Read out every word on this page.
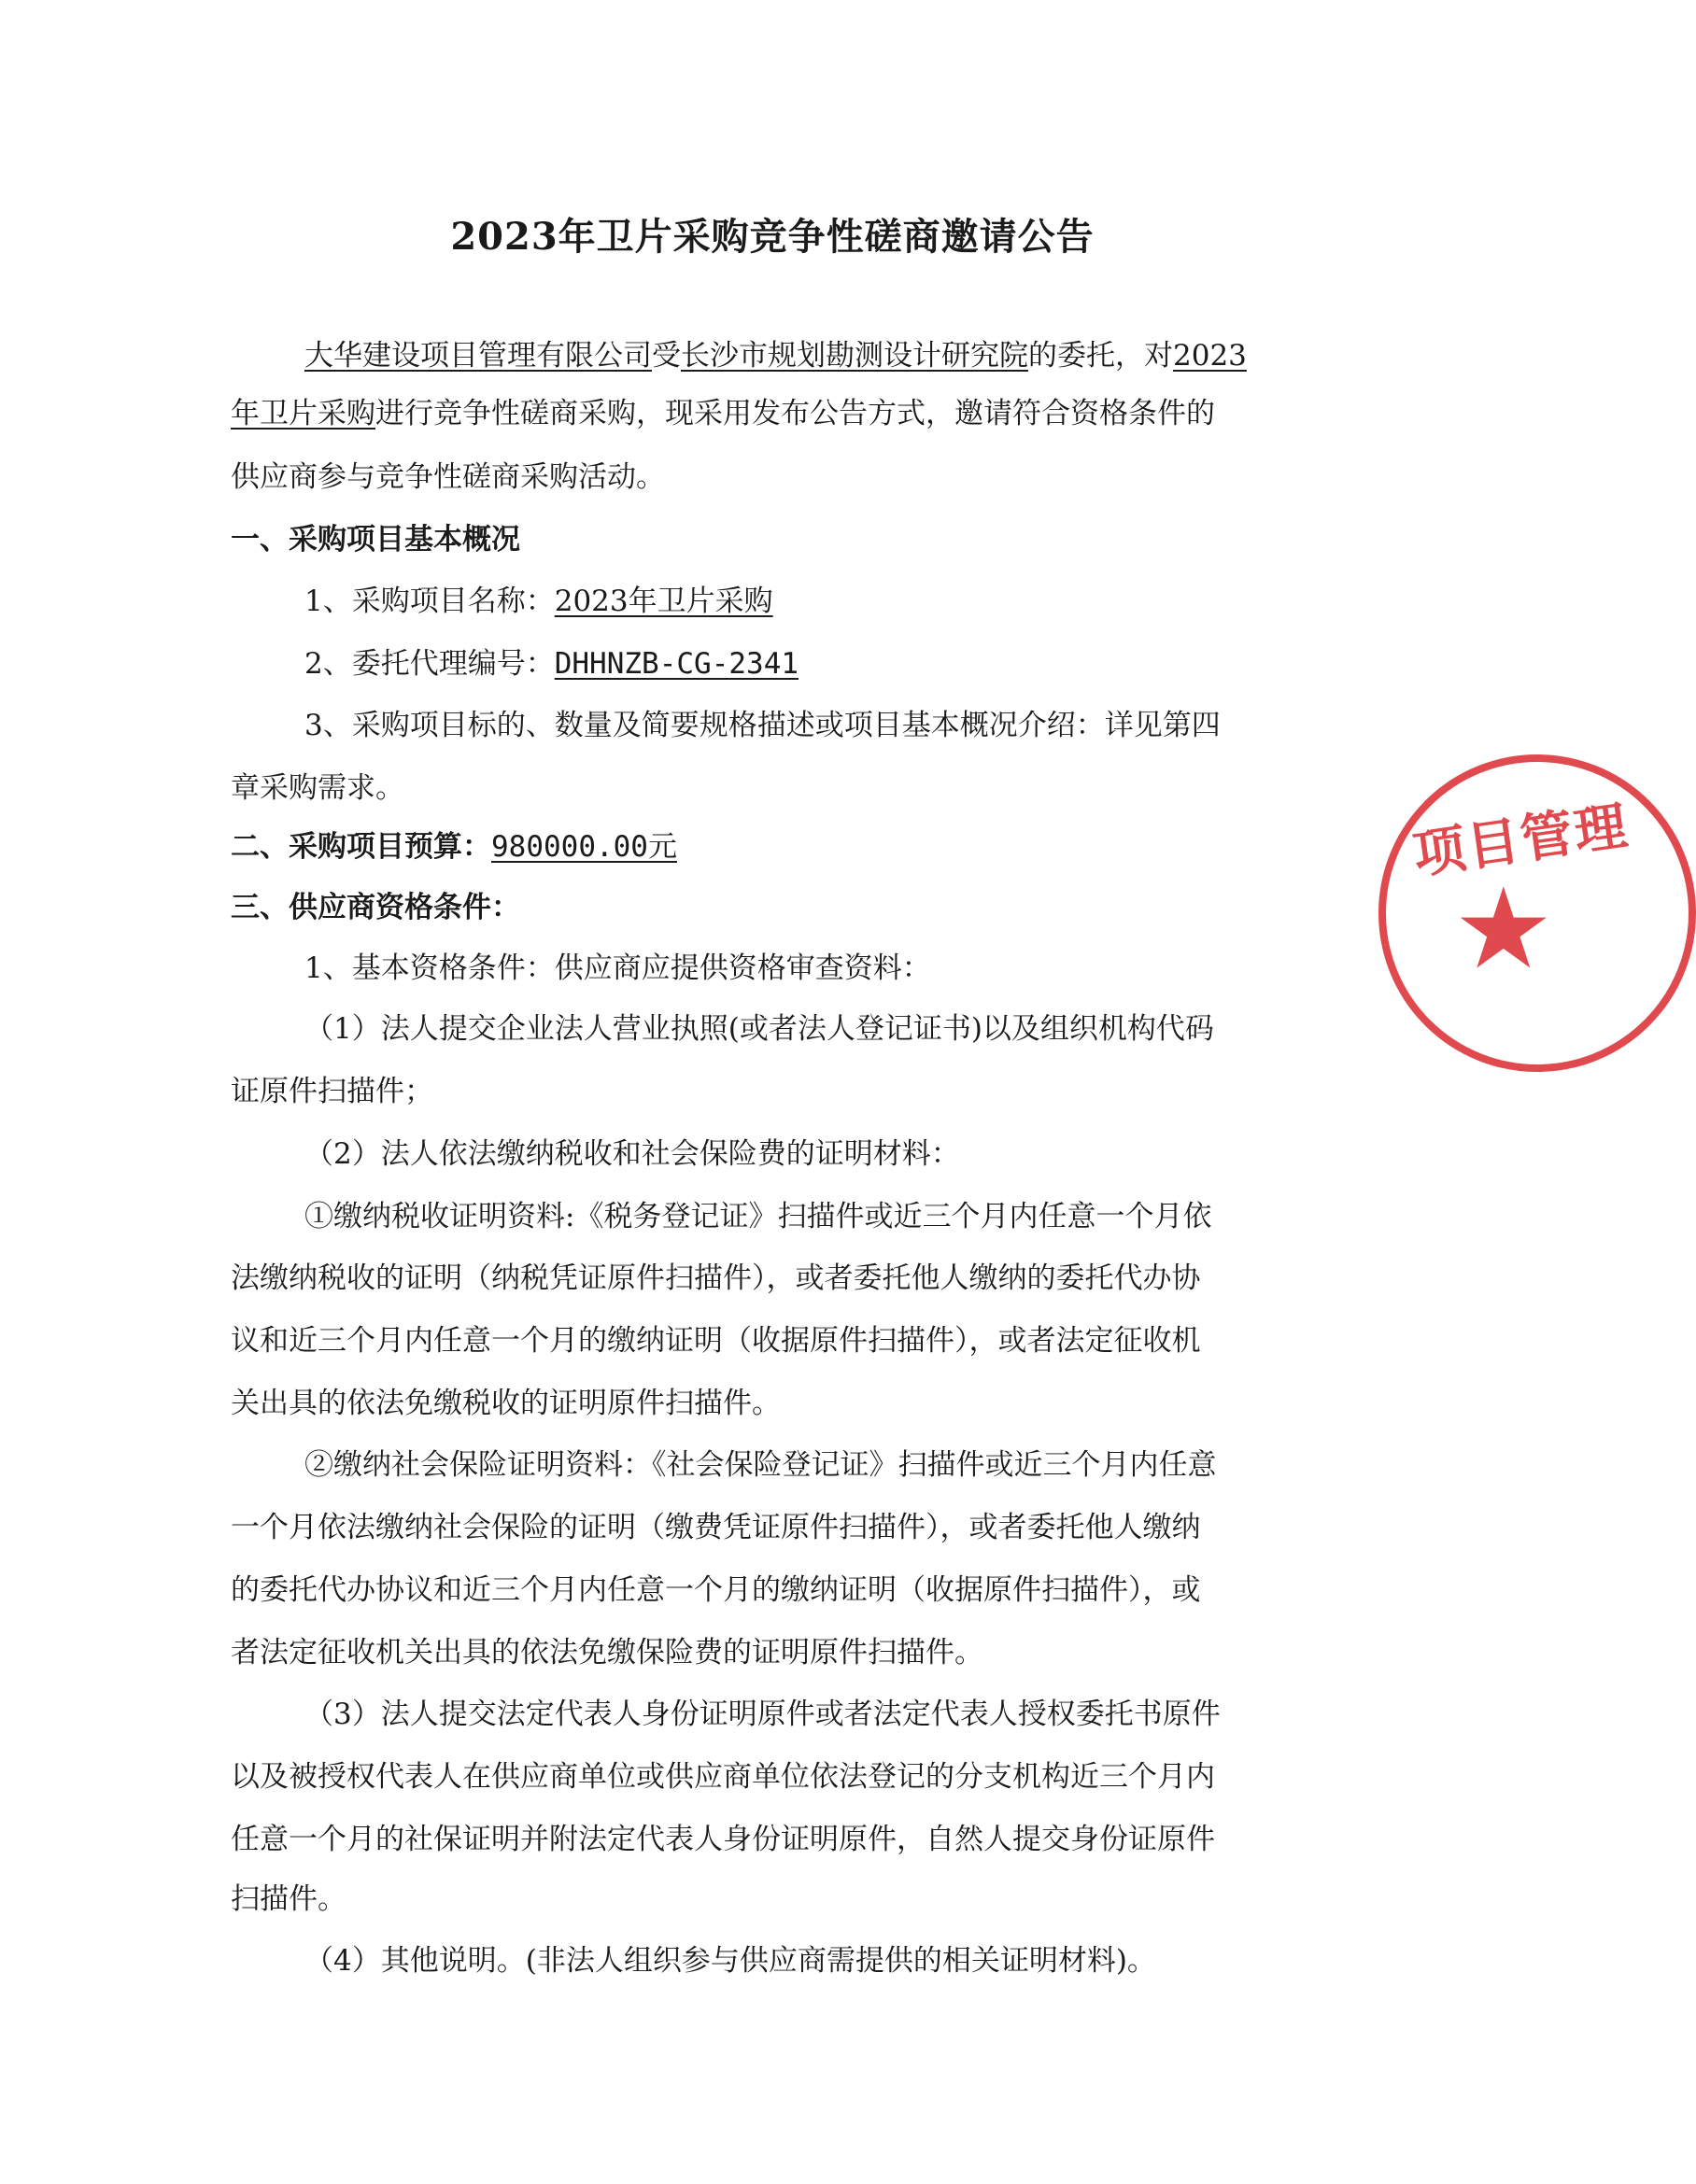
2023年卫片采购竞争性磋商邀请公告
大华建设项目管理有限公司受长沙市规划勘测设计研究院的委托，对2023
年卫片采购进行竞争性磋商采购，现采用发布公告方式，邀请符合资格条件的
供应商参与竞争性磋商采购活动。
一、采购项目基本概况
1、采购项目名称：2023年卫片采购
2、委托代理编号：DHHNZB-CG-2341
3、采购项目标的、数量及简要规格描述或项目基本概况介绍：详见第四
章采购需求。
二、采购项目预算：980000.00元
三、供应商资格条件：
1、基本资格条件：供应商应提供资格审查资料：
（1）法人提交企业法人营业执照(或者法人登记证书)以及组织机构代码
证原件扫描件；
（2）法人依法缴纳税收和社会保险费的证明材料：
①缴纳税收证明资料:《税务登记证》扫描件或近三个月内任意一个月依
法缴纳税收的证明（纳税凭证原件扫描件），或者委托他人缴纳的委托代办协
议和近三个月内任意一个月的缴纳证明（收据原件扫描件），或者法定征收机
关出具的依法免缴税收的证明原件扫描件。
②缴纳社会保险证明资料：《社会保险登记证》扫描件或近三个月内任意
一个月依法缴纳社会保险的证明（缴费凭证原件扫描件），或者委托他人缴纳
的委托代办协议和近三个月内任意一个月的缴纳证明（收据原件扫描件），或
者法定征收机关出具的依法免缴保险费的证明原件扫描件。
（3）法人提交法定代表人身份证明原件或者法定代表人授权委托书原件
以及被授权代表人在供应商单位或供应商单位依法登记的分支机构近三个月内
任意一个月的社保证明并附法定代表人身份证明原件，自然人提交身份证原件
扫描件。
（4）其他说明。(非法人组织参与供应商需提供的相关证明材料)。
项目管理
★
